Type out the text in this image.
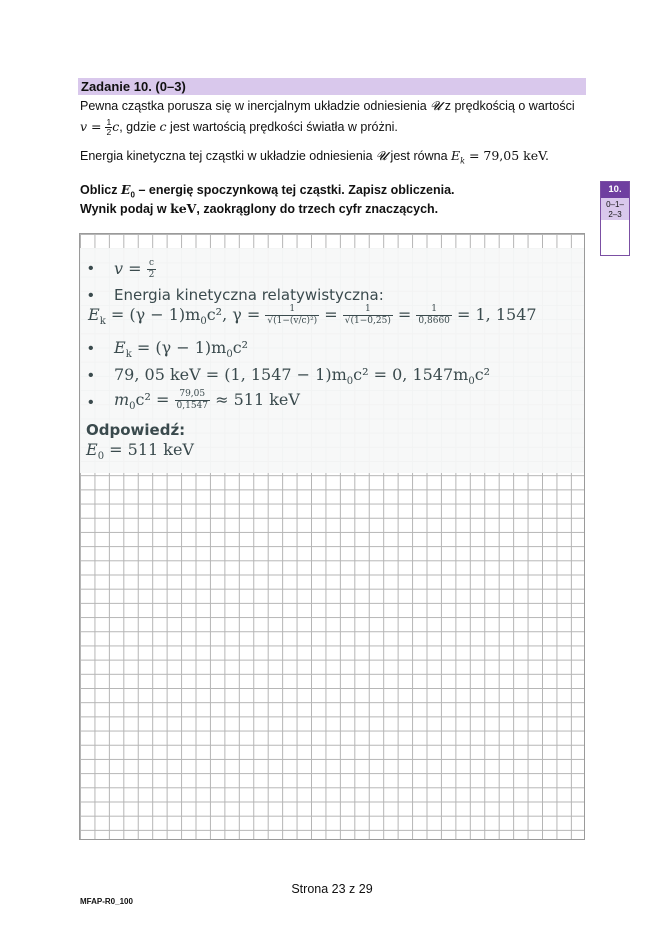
Zadanie 10. (0–3)
Pewna cząstka porusza się w inercjalnym układzie odniesienia 𝓤 z prędkością o wartości
$v = \frac{1}{2} c$, gdzie c jest wartością prędkości światła w próżni.
Energia kinetyczna tej cząstki w układzie odniesienia 𝓤 jest równa $E_k = 79,05$ keV.
Oblicz $E_0$ – energię spoczynkową tej cząstki. Zapisz obliczenia.
Wynik podaj w keV, zaokrąglony do trzech cyfr znaczących.
10.
0–1–
2–3
• $v = \frac{c}{2}$
• Energia kinetyczna relatywistyczna:
$E_k = (\gamma - 1)m_0c^2$, $\gamma = \frac{1}{\text{√(1−(v/c)²)}} = \frac{1}{√(1-0,25)} = \frac{1}{0,8660} = 1$, 1547
• $E_k = (\gamma - 1)m_0c^2$
• 79, 05 keV = (1, $1547 - 1)m_0c^2 = 0$, $1547m_0c^2$
• $m_0c^2 = \frac{79,05}{0,1547} \approx 511$ keV
Odpowiedź:
$E_0 = 511$ keV
Strona 23 z 29
MFAP-R0_100
